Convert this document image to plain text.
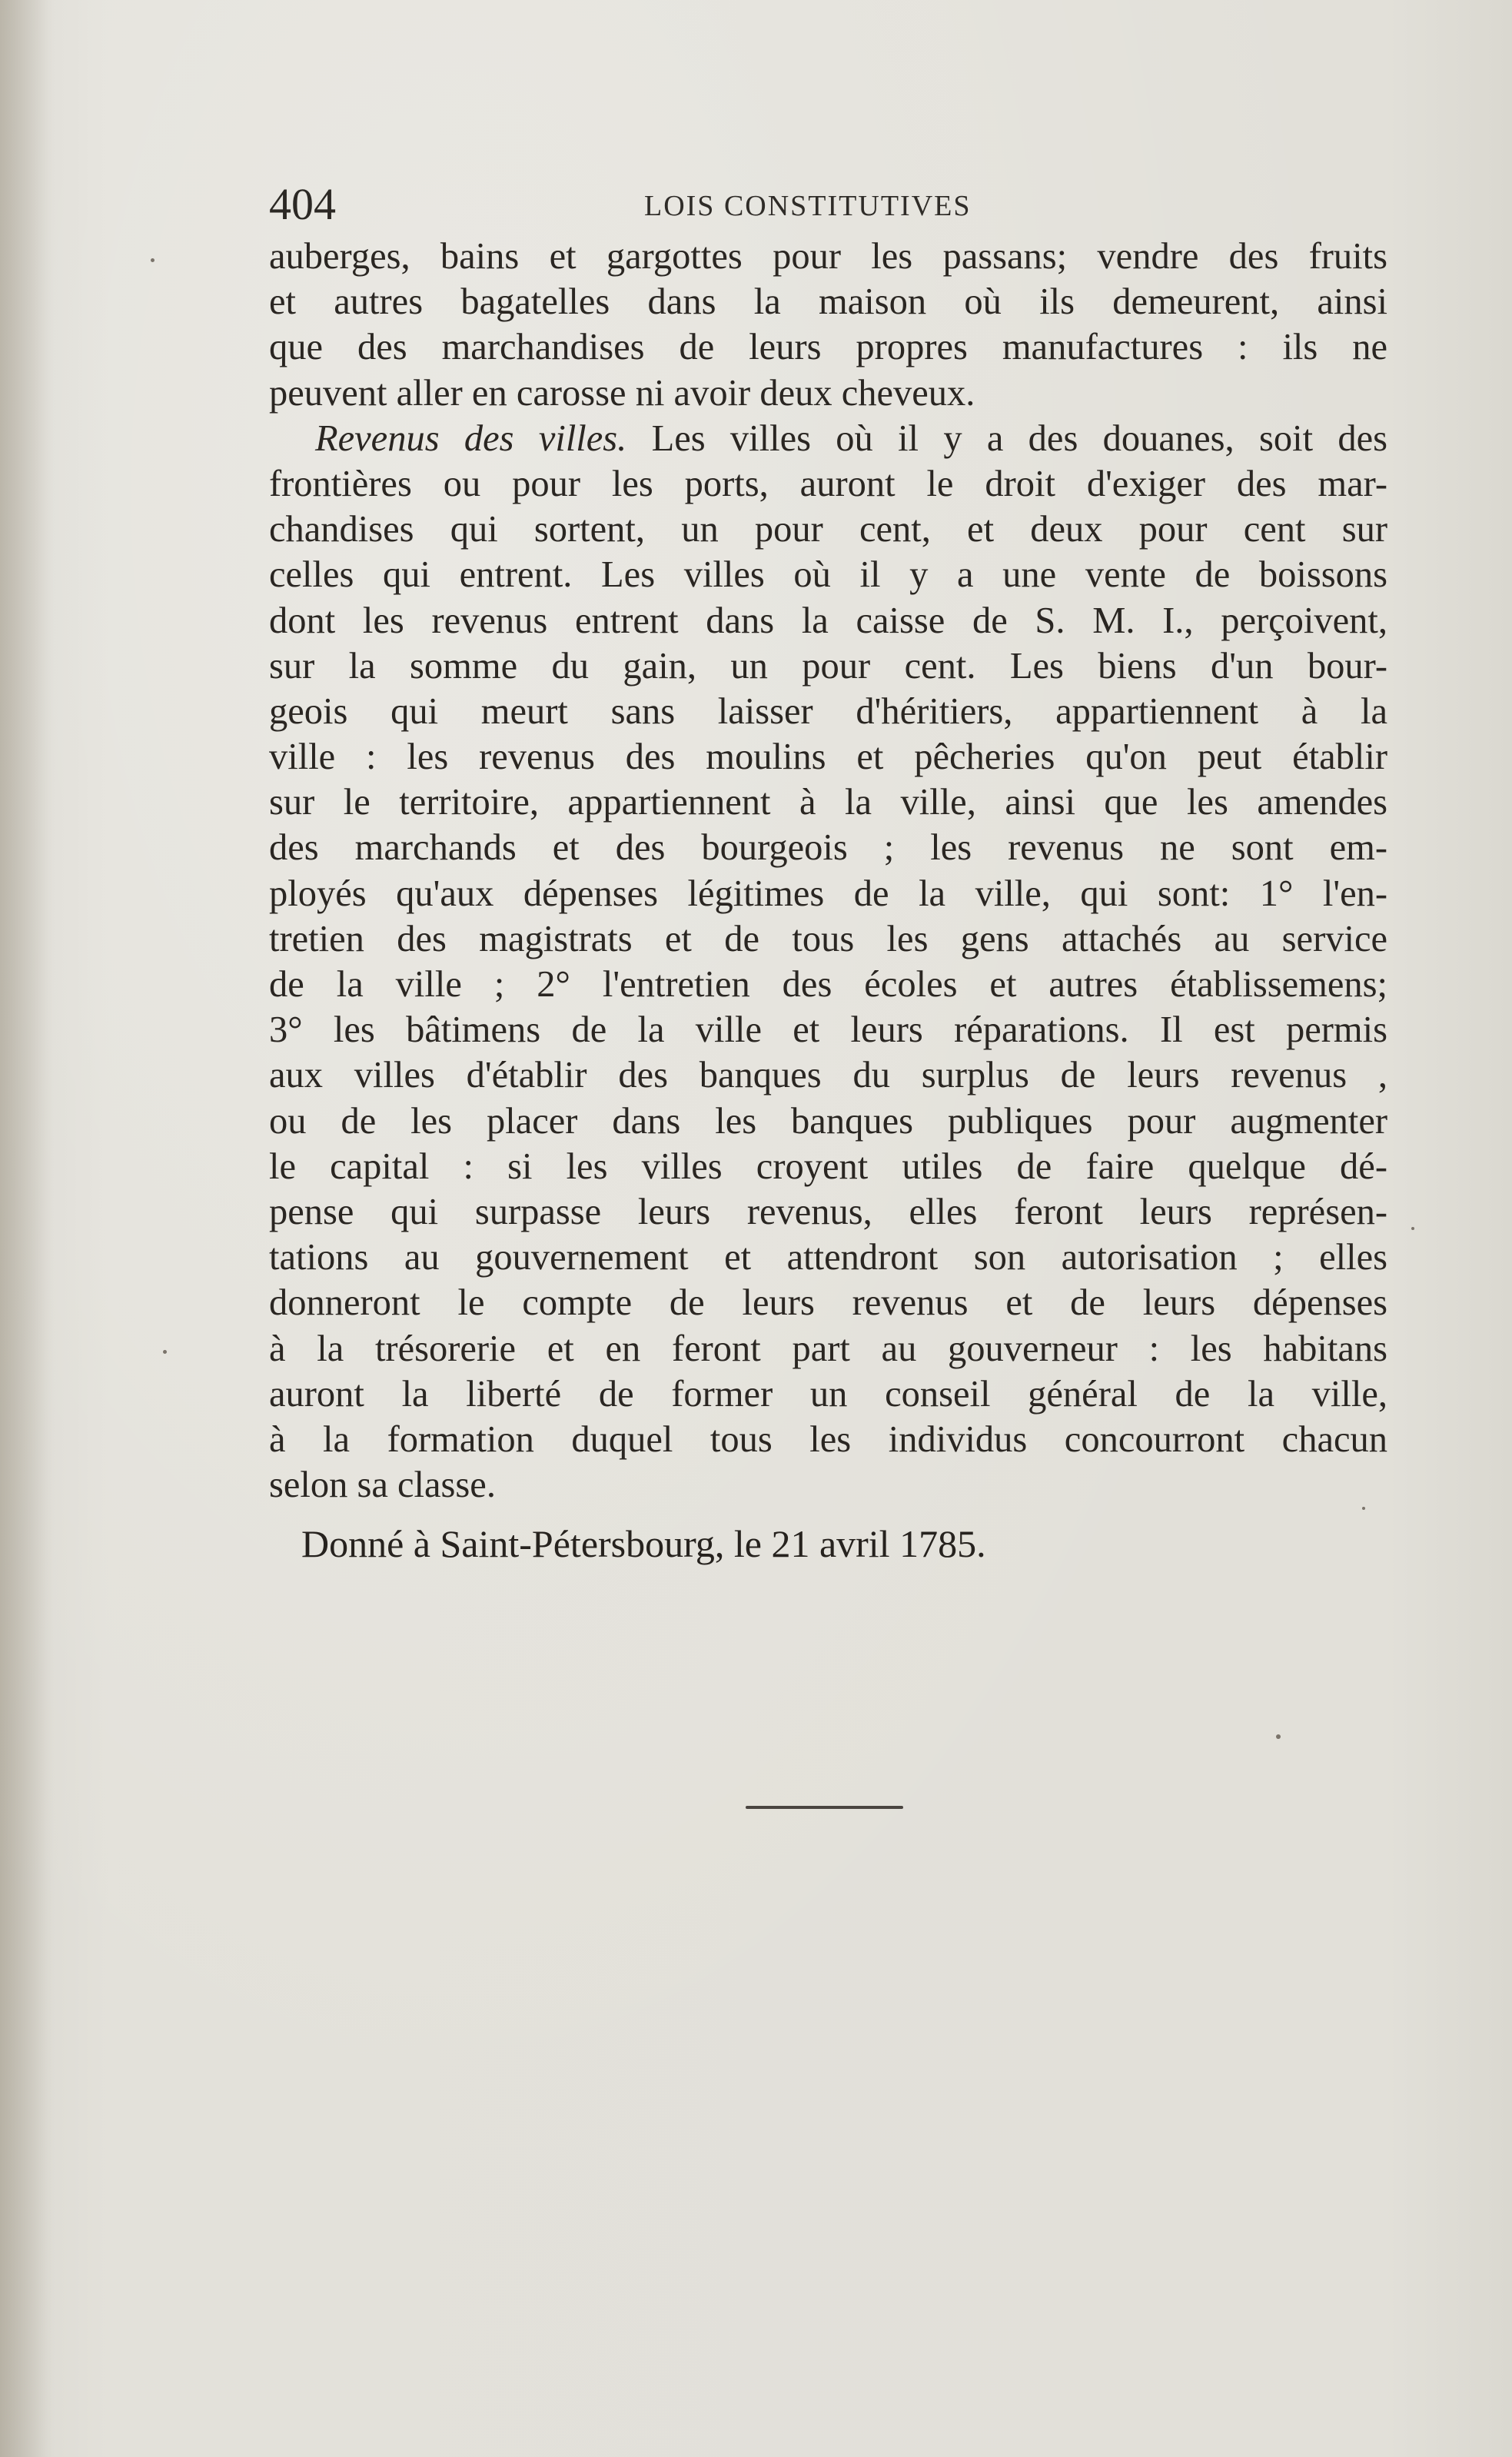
404	LOIS CONSTITUTIVES
auberges, bains et gargottes pour les passans; vendre des fruits
et autres bagatelles dans la maison où ils demeurent, ainsi
que des marchandises de leurs propres manufactures : ils ne
peuvent aller en carosse ni avoir deux cheveux.
Revenus des villes. Les villes où il y a des douanes, soit des
frontières ou pour les ports, auront le droit d'exiger des mar-
chandises qui sortent, un pour cent, et deux pour cent sur
celles qui entrent. Les villes où il y a une vente de boissons
dont les revenus entrent dans la caisse de S. M. I., perçoivent,
sur la somme du gain, un pour cent. Les biens d'un bour-
geois qui meurt sans laisser d'héritiers, appartiennent à la
ville : les revenus des moulins et pêcheries qu'on peut établir
sur le territoire, appartiennent à la ville, ainsi que les amendes
des marchands et des bourgeois ; les revenus ne sont em-
ployés qu'aux dépenses légitimes de la ville, qui sont: 1° l'en-
tretien des magistrats et de tous les gens attachés au service
de la ville ; 2° l'entretien des écoles et autres établissemens;
3° les bâtimens de la ville et leurs réparations. Il est permis
aux villes d'établir des banques du surplus de leurs revenus ,
ou de les placer dans les banques publiques pour augmenter
le capital : si les villes croyent utiles de faire quelque dé-
pense qui surpasse leurs revenus, elles feront leurs représen-
tations au gouvernement et attendront son autorisation ; elles
donneront le compte de leurs revenus et de leurs dépenses
à la trésorerie et en feront part au gouverneur : les habitans
auront la liberté de former un conseil général de la ville,
à la formation duquel tous les individus concourront chacun
selon sa classe.
Donné à Saint-Pétersbourg, le 21 avril 1785.
